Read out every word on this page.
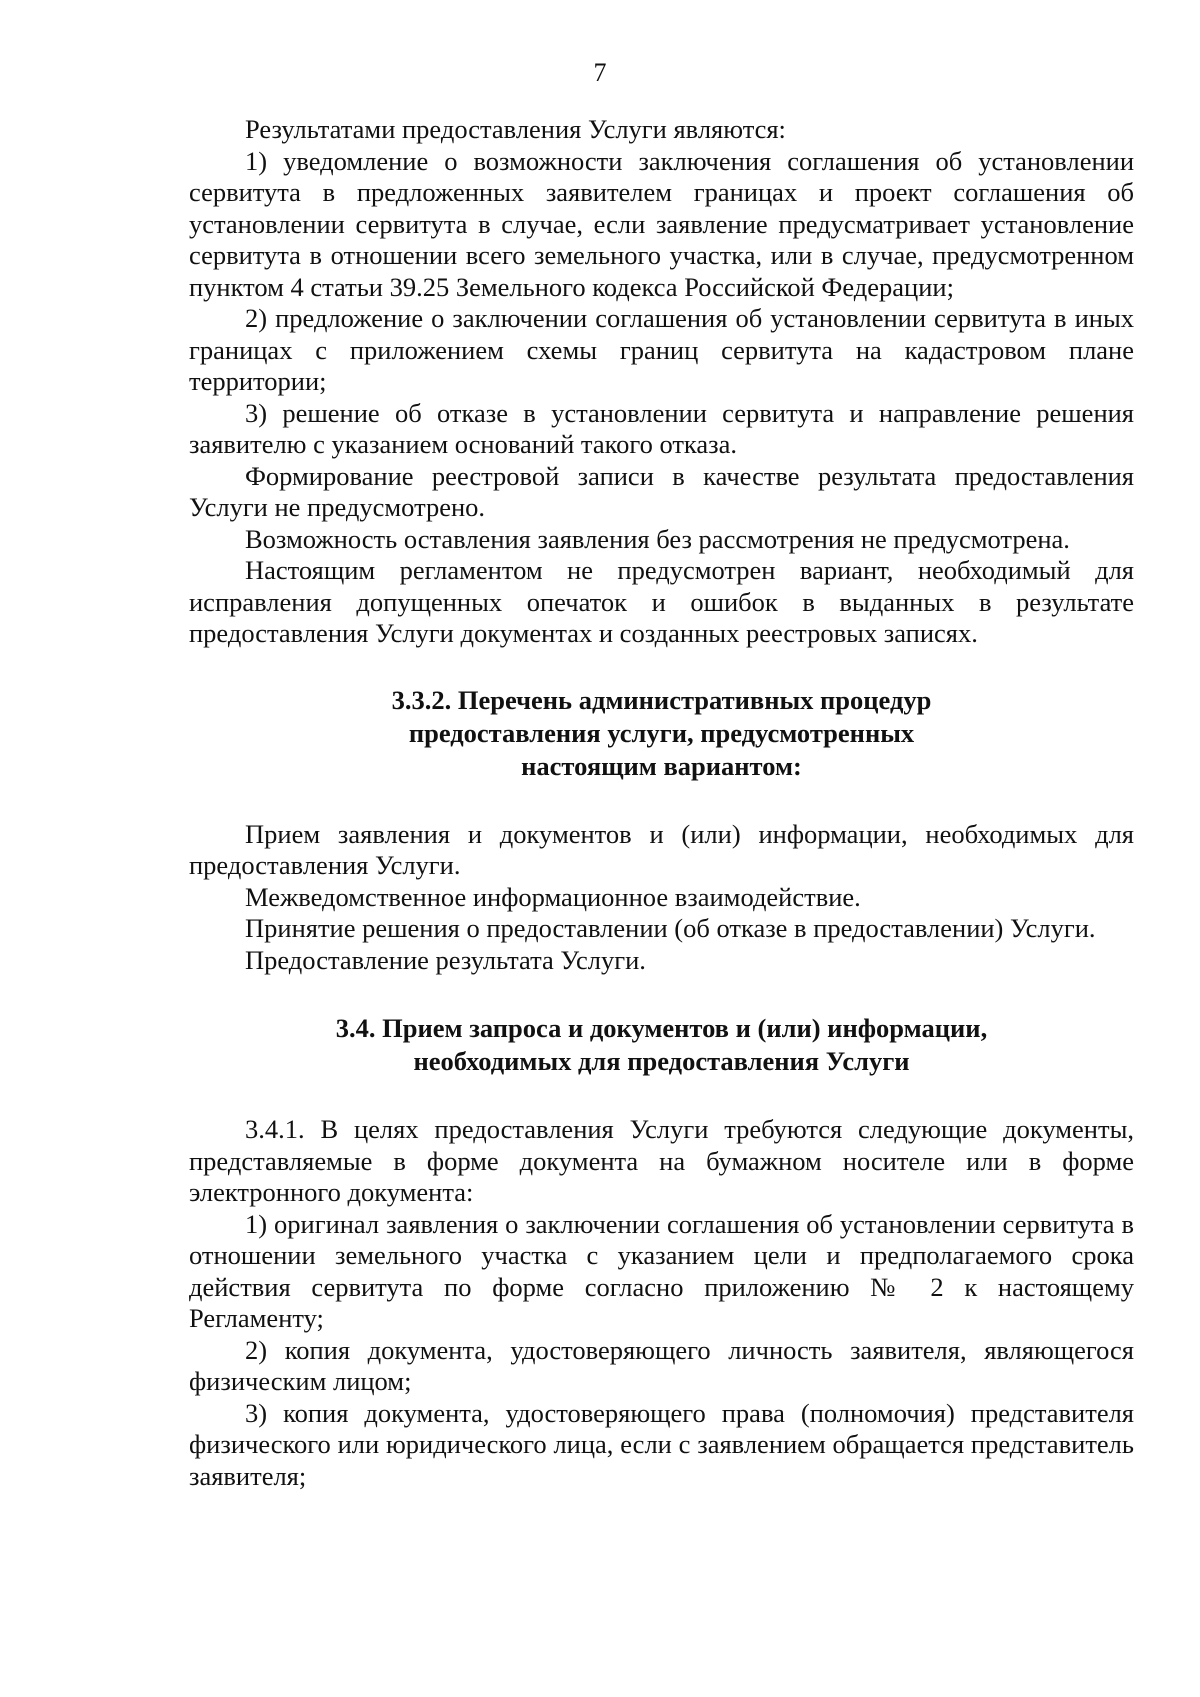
7

Результатами предоставления Услуги являются:

1) уведомление о возможности заключения соглашения об установлении сервитута в предложенных заявителем границах и проект соглашения об установлении сервитута в случае, если заявление предусматривает установление сервитута в отношении всего земельного участка, или в случае, предусмотренном пунктом 4 статьи 39.25 Земельного кодекса Российской Федерации;

2) предложение о заключении соглашения об установлении сервитута в иных границах с приложением схемы границ сервитута на кадастровом плане территории;

3) решение об отказе в установлении сервитута и направление решения заявителю с указанием оснований такого отказа.

Формирование реестровой записи в качестве результата предоставления Услуги не предусмотрено.

Возможность оставления заявления без рассмотрения не предусмотрена.

Настоящим регламентом не предусмотрен вариант, необходимый для исправления допущенных опечаток и ошибок в выданных в результате предоставления Услуги документах и созданных реестровых записях.

3.3.2. Перечень административных процедур
предоставления услуги, предусмотренных
настоящим вариантом:

Прием заявления и документов и (или) информации, необходимых для предоставления Услуги.

Межведомственное информационное взаимодействие.

Принятие решения о предоставлении (об отказе в предоставлении) Услуги.

Предоставление результата Услуги.

3.4. Прием запроса и документов и (или) информации,
необходимых для предоставления Услуги

3.4.1. В целях предоставления Услуги требуются следующие документы, представляемые в форме документа на бумажном носителе или в форме электронного документа:

1) оригинал заявления о заключении соглашения об установлении сервитута в отношении земельного участка с указанием цели и предполагаемого срока действия сервитута по форме согласно приложению № 2 к настоящему Регламенту;

2) копия документа, удостоверяющего личность заявителя, являющегося физическим лицом;

3) копия документа, удостоверяющего права (полномочия) представителя физического или юридического лица, если с заявлением обращается представитель заявителя;
